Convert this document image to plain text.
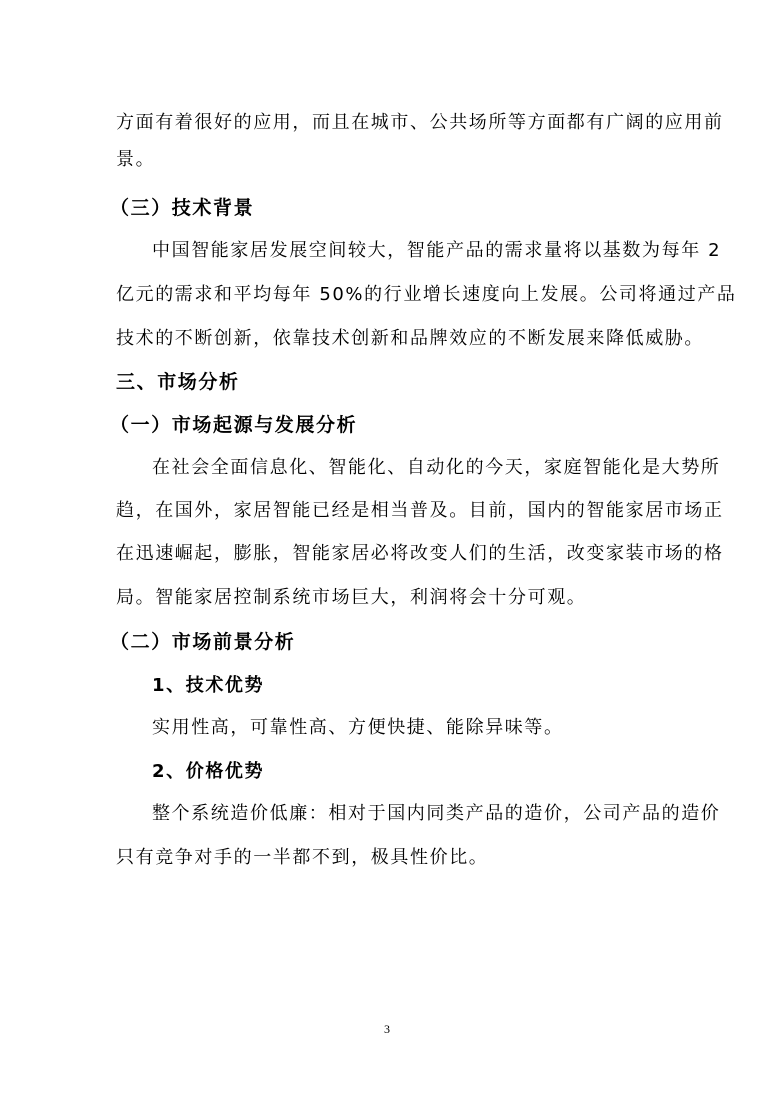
方面有着很好的应用，而且在城市、公共场所等方面都有广阔的应用前
景。
（三）技术背景
中国智能家居发展空间较大，智能产品的需求量将以基数为每年 2
亿元的需求和平均每年 50%的行业增长速度向上发展。公司将通过产品
技术的不断创新，依靠技术创新和品牌效应的不断发展来降低威胁。
三、市场分析
（一）市场起源与发展分析
在社会全面信息化、智能化、自动化的今天，家庭智能化是大势所
趋，在国外，家居智能已经是相当普及。目前，国内的智能家居市场正
在迅速崛起，膨胀，智能家居必将改变人们的生活，改变家装市场的格
局。智能家居控制系统市场巨大，利润将会十分可观。
（二）市场前景分析
1、技术优势
实用性高，可靠性高、方便快捷、能除异味等。
2、价格优势
整个系统造价低廉：相对于国内同类产品的造价，公司产品的造价
只有竞争对手的一半都不到，极具性价比。
3
